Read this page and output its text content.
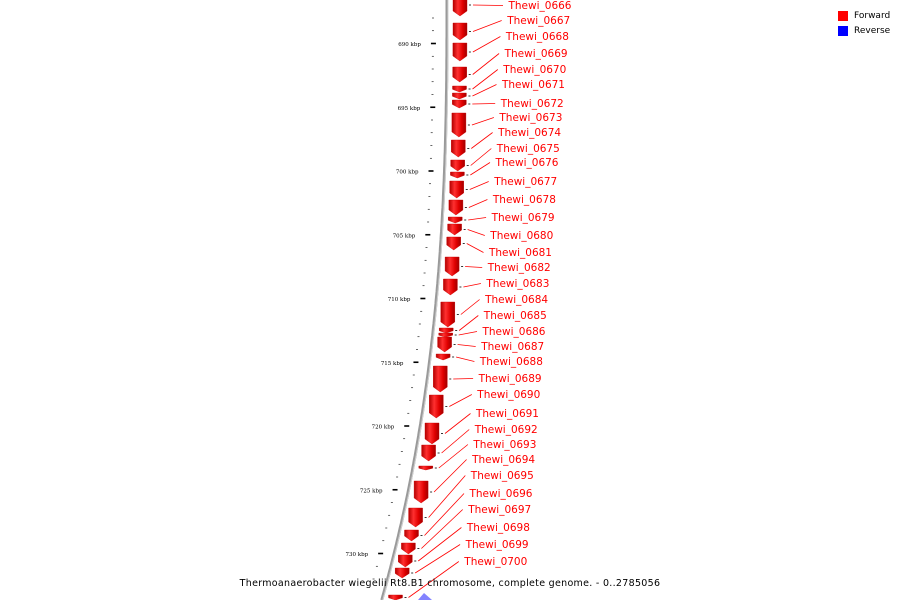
690 kbp
695 kbp
700 kbp
705 kbp
710 kbp
715 kbp
720 kbp
725 kbp
730 kbp
Thewi_0666
Thewi_0667
Thewi_0668
Thewi_0669
Thewi_0670
Thewi_0671
Thewi_0672
Thewi_0673
Thewi_0674
Thewi_0675
Thewi_0676
Thewi_0677
Thewi_0678
Thewi_0679
Thewi_0680
Thewi_0681
Thewi_0682
Thewi_0683
Thewi_0684
Thewi_0685
Thewi_0686
Thewi_0687
Thewi_0688
Thewi_0689
Thewi_0690
Thewi_0691
Thewi_0692
Thewi_0693
Thewi_0694
Thewi_0695
Thewi_0696
Thewi_0697
Thewi_0698
Thewi_0699
Thewi_0700
Forward
Reverse
Thermoanaerobacter wiegelii Rt8.B1 chromosome, complete genome. - 0..2785056
